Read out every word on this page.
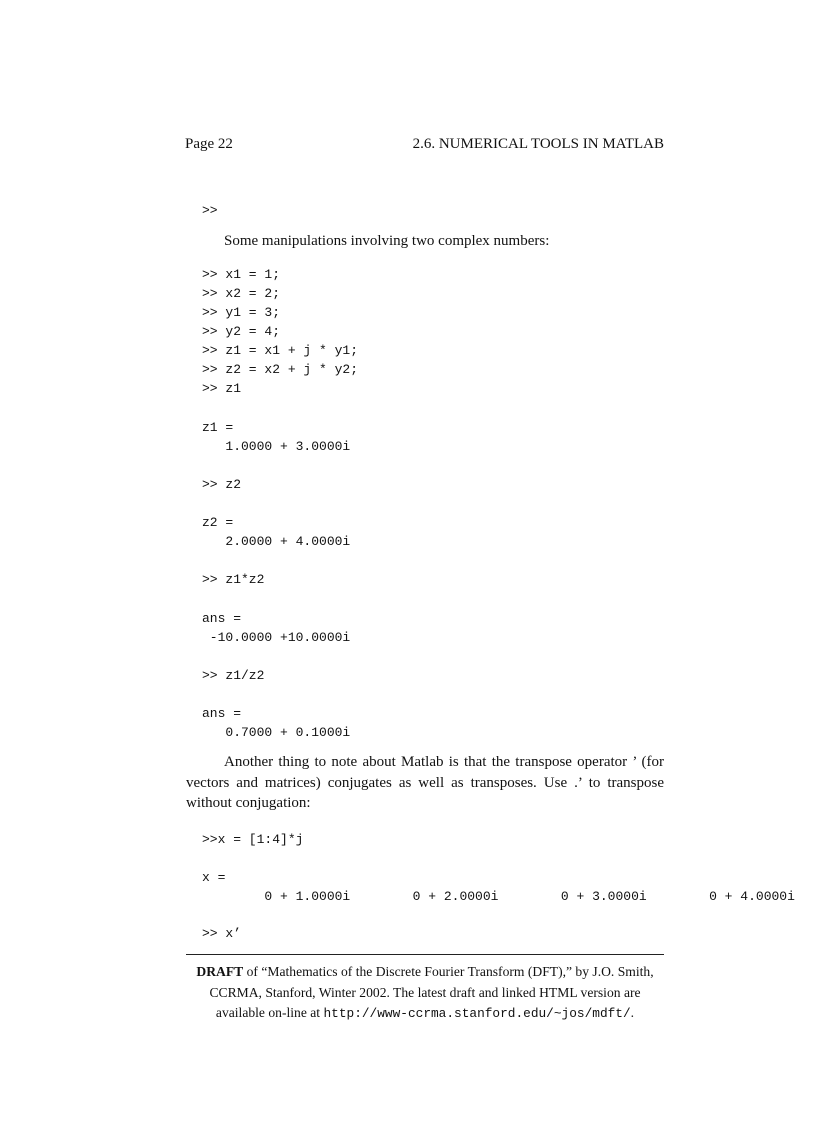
Page 22	2.6. NUMERICAL TOOLS IN MATLAB
>>

Some manipulations involving two complex numbers:

>> x1 = 1;
>> x2 = 2;
>> y1 = 3;
>> y2 = 4;
>> z1 = x1 + j * y1;
>> z2 = x2 + j * y2;
>> z1
z1 =
1.0000 + 3.0000i
>> z2
z2 =
2.0000 + 4.0000i
>> z1*z2
ans =
-10.0000 +10.0000i
>> z1/z2
ans =
0.7000 + 0.1000i

Another thing to note about Matlab is that the transpose operator ’ (for vectors and matrices) conjugates as well as transposes. Use .’ to transpose without conjugation:

>>x = [1:4]*j
x =
0 + 1.0000i        0 + 2.0000i        0 + 3.0000i        0 + 4.0000i
>> x’
DRAFT of “Mathematics of the Discrete Fourier Transform (DFT),” by J.O. Smith, CCRMA, Stanford, Winter 2002. The latest draft and linked HTML version are available on-line at http://www-ccrma.stanford.edu/~jos/mdft/.
